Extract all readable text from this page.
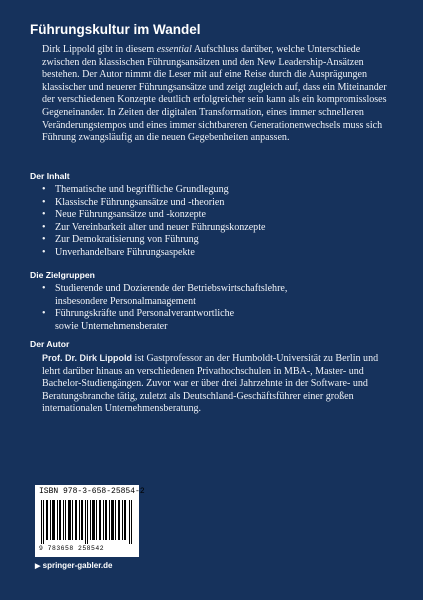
Führungskultur im Wandel
Dirk Lippold gibt in diesem essential Aufschluss darüber, welche Unterschiede zwischen den klassischen Führungsansätzen und den New Leadership-Ansätzen bestehen. Der Autor nimmt die Leser mit auf eine Reise durch die Ausprägungen klassischer und neuerer Führungsansätze und zeigt zugleich auf, dass ein Miteinander der verschiedenen Konzepte deutlich erfolgreicher sein kann als ein kompromissloses Gegeneinander. In Zeiten der digitalen Transformation, eines immer schnelleren Veränderungstempos und eines immer sichtbareren Generationenwechsels muss sich Führung zwangsläufig an die neuen Gegebenheiten anpassen.
Der Inhalt
• Thematische und begriffliche Grundlegung
• Klassische Führungsansätze und -theorien
• Neue Führungsansätze und -konzepte
• Zur Vereinbarkeit alter und neuer Führungskonzepte
• Zur Demokratisierung von Führung
• Unverhandelbare Führungsaspekte
Die Zielgruppen
• Studierende und Dozierende der Betriebswirtschaftslehre,
insbesondere Personalmanagement
• Führungskräfte und Personalverantwortliche
sowie Unternehmensberater
Der Autor
Prof. Dr. Dirk Lippold ist Gastprofessor an der Humboldt-Universität zu Berlin und lehrt darüber hinaus an verschiedenen Privathochschulen in MBA-, Master- und Bachelor-Studiengängen. Zuvor war er über drei Jahrzehnte in der Software- und Beratungsbranche tätig, zuletzt als Deutschland-Geschäftsführer einer großen internationalen Unternehmensberatung.
ISBN 978-3-658-25854-2
9 783658 258542
▶ springer-gabler.de
